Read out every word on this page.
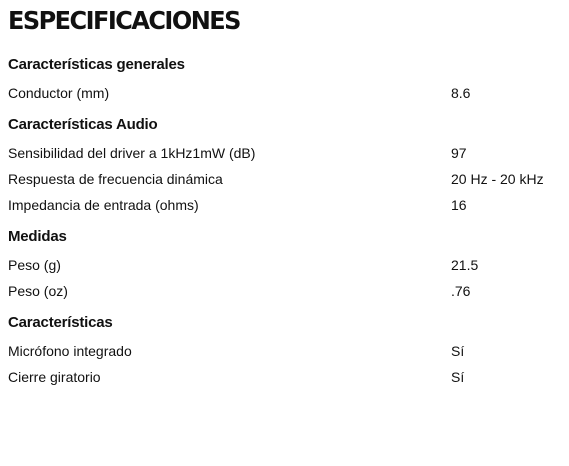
ESPECIFICACIONES
Características generales
Conductor (mm)	8.6
Características Audio
Sensibilidad del driver a 1kHz1mW (dB)	97
Respuesta de frecuencia dinámica	20 Hz - 20 kHz
Impedancia de entrada (ohms)	16
Medidas
Peso (g)	21.5
Peso (oz)	.76
Características
Micrófono integrado	Sí
Cierre giratorio	Sí
